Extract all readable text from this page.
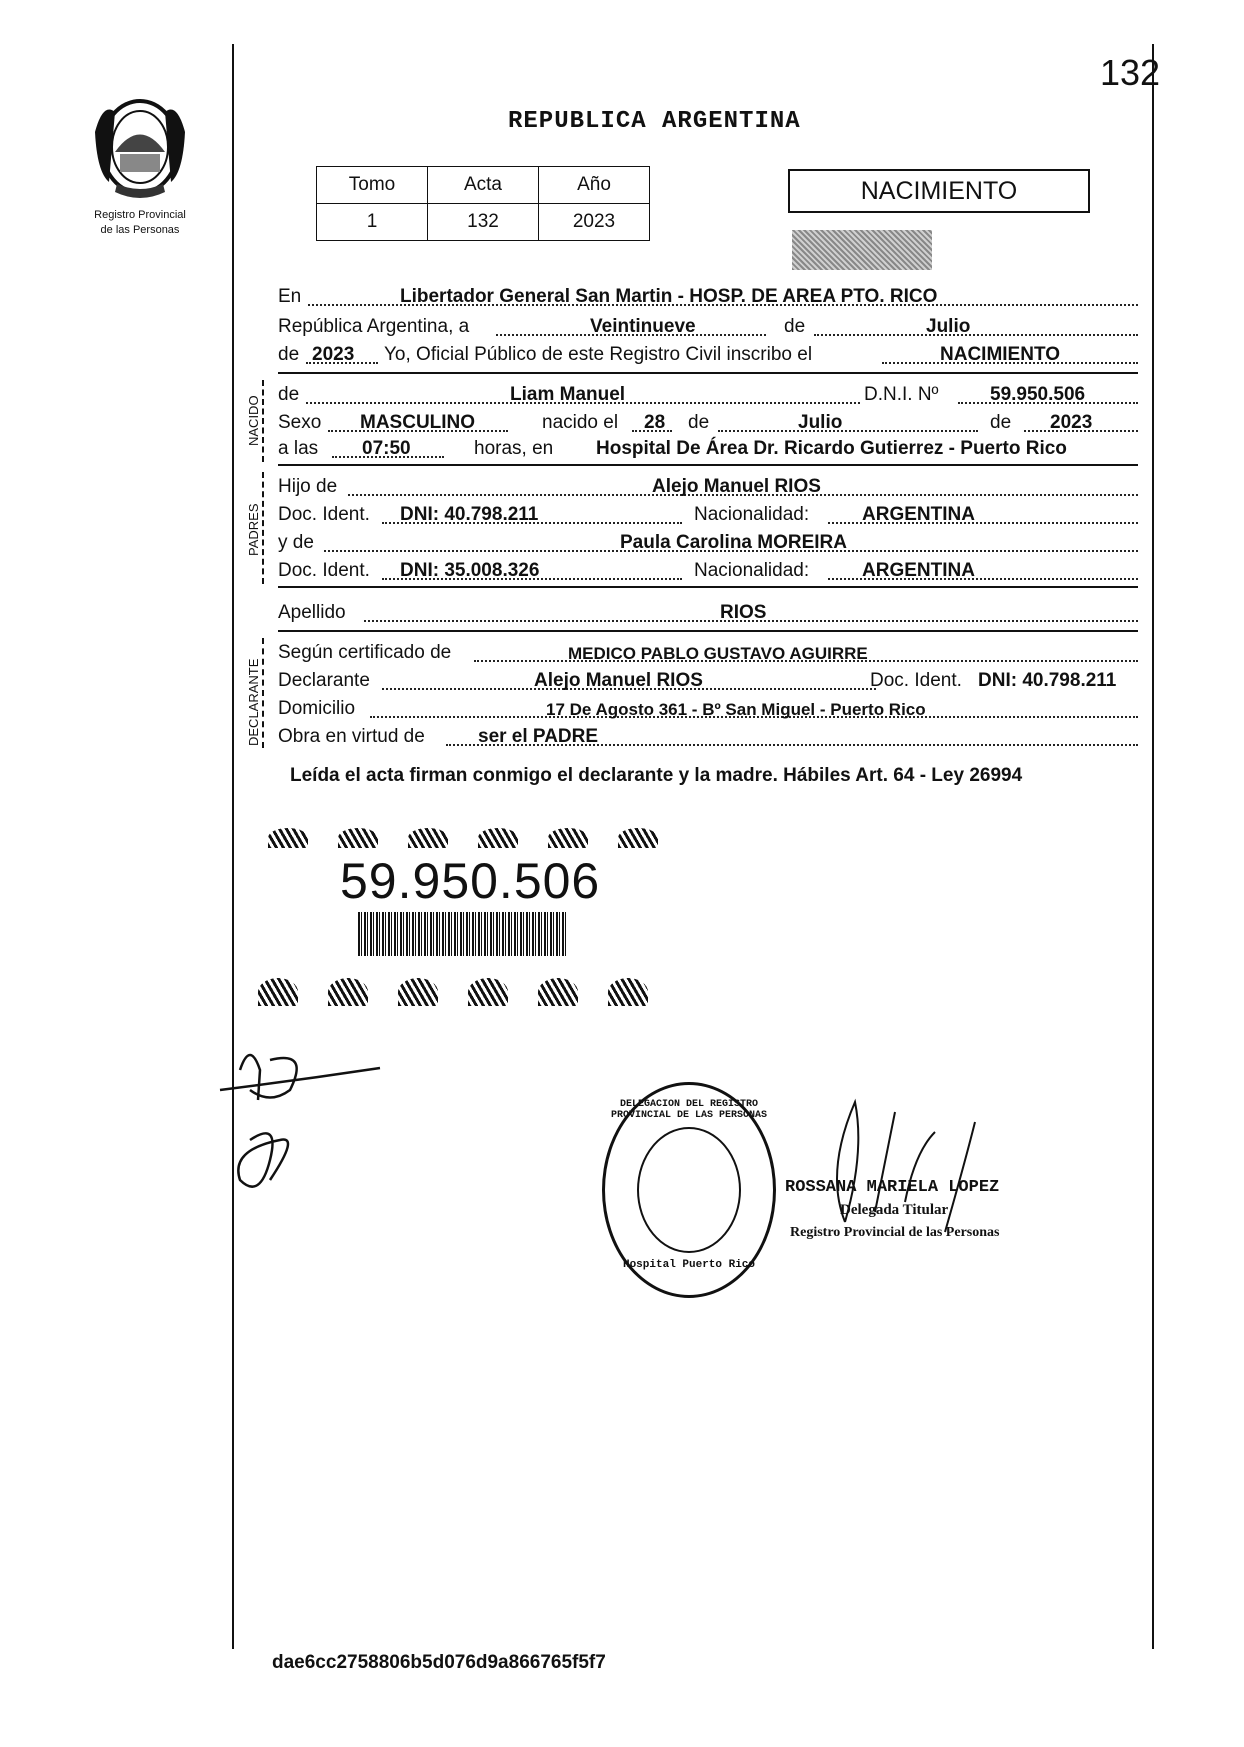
132
Registro Provincial
de las Personas
REPUBLICA ARGENTINA
Tomo	Acta	Año
1	132	2023
NACIMIENTO
En	Libertador General San Martin - HOSP. DE AREA PTO. RICO
República Argentina, a	Veintinueve	de	Julio
de 2023 Yo, Oficial Público de este Registro Civil inscribo el	NACIMIENTO
NACIDO
de	Liam Manuel	D.N.I. Nº	59.950.506
Sexo MASCULINO	nacido el 28 de	Julio	de 2023
a las 07:50	horas, en Hospital De Área Dr. Ricardo Gutierrez - Puerto Rico
PADRES
Hijo de	Alejo Manuel RIOS
Doc. Ident. DNI: 40.798.211	Nacionalidad:	ARGENTINA
y de	Paula Carolina MOREIRA
Doc. Ident. DNI: 35.008.326	Nacionalidad:	ARGENTINA
Apellido	RIOS
DECLARANTE
Según certificado de	MEDICO PABLO GUSTAVO AGUIRRE
Declarante	Alejo Manuel RIOS	Doc. Ident. DNI: 40.798.211
Domicilio	17 De Agosto 361 - Bº San Miguel - Puerto Rico
Obra en virtud de	ser el PADRE
Leída el acta firman conmigo el declarante y la madre. Hábiles Art. 64 - Ley 26994
59.950.506
DELEGACION DEL REGISTRO PROVINCIAL DE LAS PERSONAS
Hospital Puerto Rico
ROSSANA MARIELA LOPEZ
Delegada Titular
Registro Provincial de las Personas
dae6cc2758806b5d076d9a866765f5f7
